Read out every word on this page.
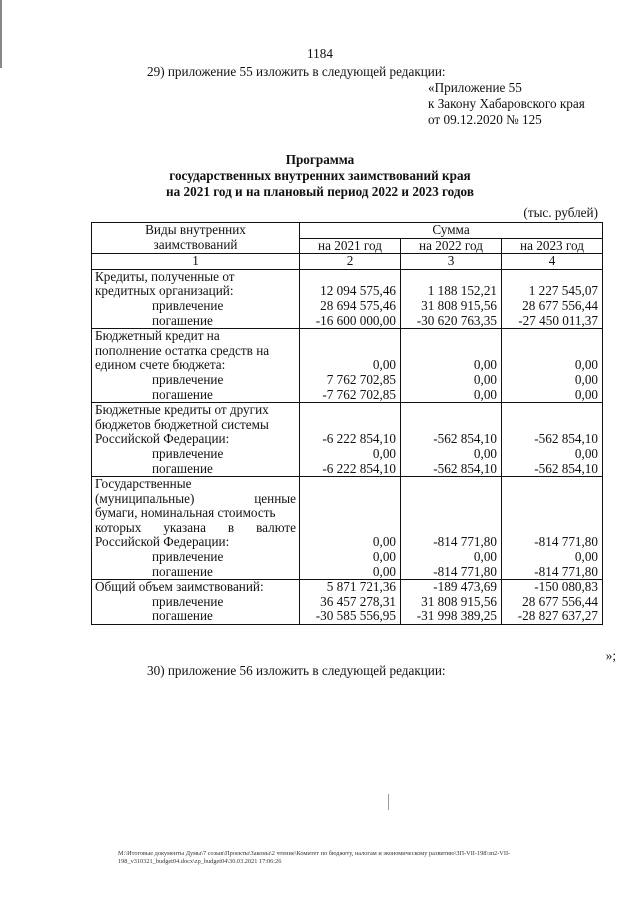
1184
29) приложение 55 изложить в следующей редакции:
«Приложение 55
к Закону Хабаровского края
от 09.12.2020 № 125
Программа
государственных внутренних заимствований края
на 2021 год и на плановый период 2022 и 2023 годов
(тыс. рублей)
Виды внутренних	Сумма		
заимствований	на 2021 год	на 2022 год	на 2023 год
1	2	3	4
Кредиты, полученные от			
кредитных организаций:	12 094 575,46	1 188 152,21	1 227 545,07
привлечение	28 694 575,46	31 808 915,56	28 677 556,44
погашение	-16 600 000,00	-30 620 763,35	-27 450 011,37
Бюджетный кредит на			
пополнение остатка средств на			
едином счете бюджета:	0,00	0,00	0,00
привлечение	7 762 702,85	0,00	0,00
погашение	-7 762 702,85	0,00	0,00
Бюджетные кредиты от других			
бюджетов бюджетной системы			
Российской Федерации:	-6 222 854,10	-562 854,10	-562 854,10
привлечение	0,00	0,00	0,00
погашение	-6 222 854,10	-562 854,10	-562 854,10
Государственные			
(муниципальные) ценные			
бумаги, номинальная стоимость			
которых указана в валюте			
Российской Федерации:	0,00	-814 771,80	-814 771,80
привлечение	0,00	0,00	0,00
погашение	0,00	-814 771,80	-814 771,80
Общий объем заимствований:	5 871 721,36	-189 473,69	-150 080,83
привлечение	36 457 278,31	31 808 915,56	28 677 556,44
погашение	-30 585 556,95	-31 998 389,25	-28 827 637,27
»;
30) приложение 56 изложить в следующей редакции:
M:\Итоговые документы Думы\7 созыв\Проекты\Законы\2 чтение\Комитет по бюджету, налогам и экономическому развитию\ЗП-VII-198\зп2-VII-198_v310321_budget04.docx\zp_budget04\30.03.2021 17:06:26
